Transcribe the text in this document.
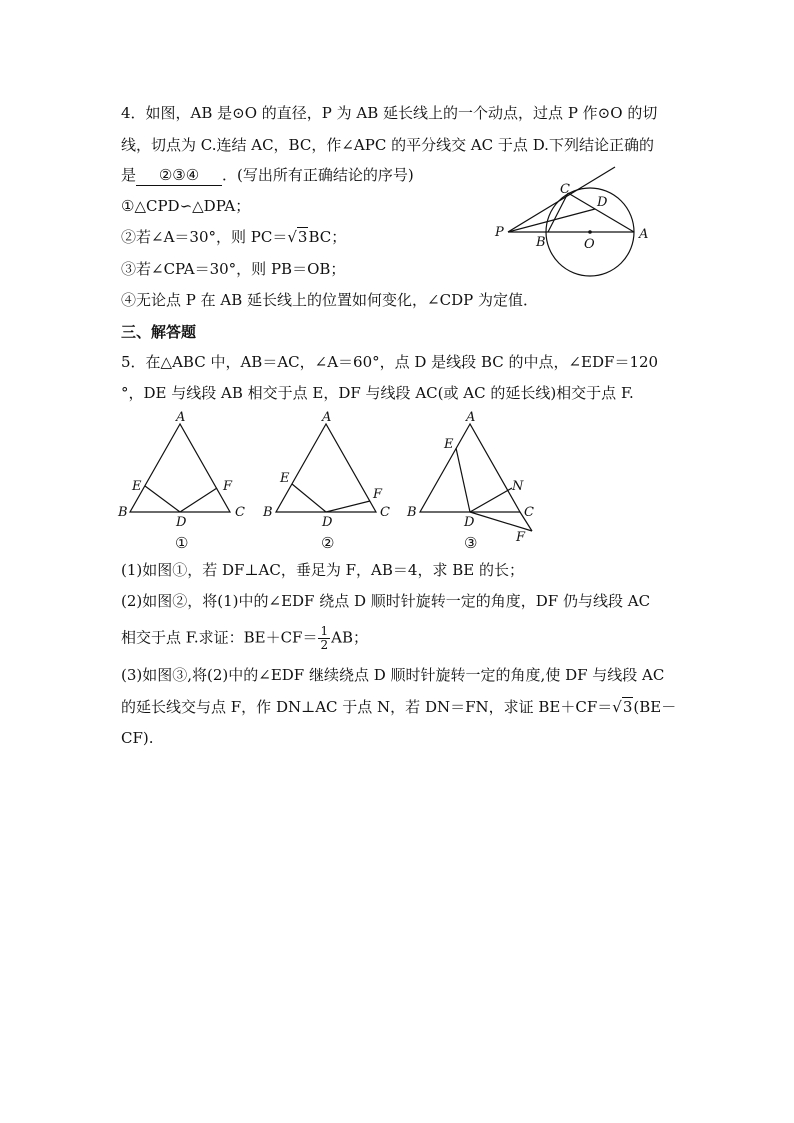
4．如图，AB 是⊙O 的直径，P 为 AB 延长线上的一个动点，过点 P 作⊙O 的切
线，切点为 C.连结 AC，BC，作∠APC 的平分线交 AC 于点 D.下列结论正确的
是 ②③④ ．(写出所有正确结论的序号)
①△CPD∽△DPA；
②若∠A＝30°，则 PC＝√3BC；
③若∠CPA＝30°，则 PB＝OB；
④无论点 P 在 AB 延长线上的位置如何变化，∠CDP 为定值．
C
D
P
B	O
A
三、解答题
5．在△ABC 中，AB＝AC，∠A＝60°，点 D 是线段 BC 的中点，∠EDF＝120
°，DE 与线段 AB 相交于点 E，DF 与线段 AC(或 AC 的延长线)相交于点 F.
A
B	C
D
E	F
①
A
B	C
D
E
F
②
A
B	C
D
E
F
N
③
(1)如图①，若 DF⊥AC，垂足为 F，AB＝4，求 BE 的长；
(2)如图②，将(1)中的∠EDF 绕点 D 顺时针旋转一定的角度，DF 仍与线段 AC
相交于点 F.求证：$BE+CF= \frac{1}{2}$ AB；
(3)如图③,将(2)中的∠EDF 继续绕点 D 顺时针旋转一定的角度,使 DF 与线段 AC
的延长线交与点 F，作 DN⊥AC 于点 N，若 DN＝FN，求证 BE＋CF＝√3(BE－
CF).
